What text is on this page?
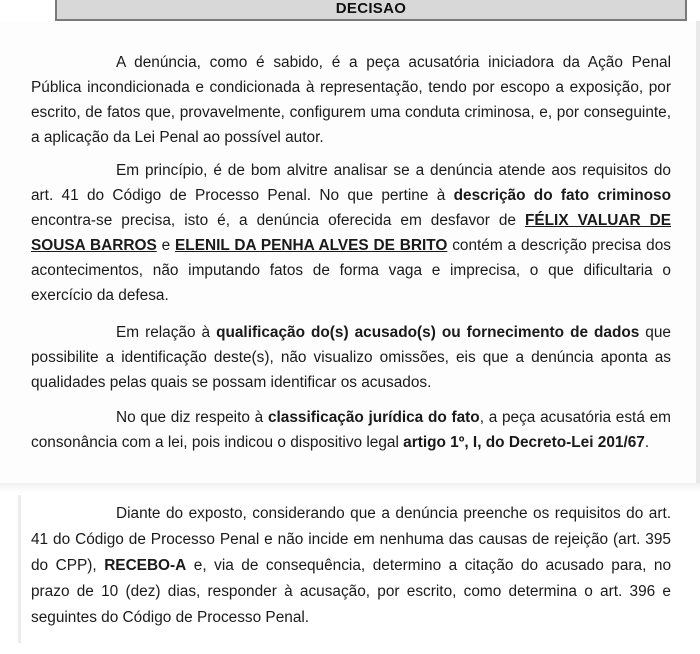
DECISAO

A denúncia, como é sabido, é a peça acusatória iniciadora da Ação Penal Pública incondicionada e condicionada à representação, tendo por escopo a exposição, por escrito, de fatos que, provavelmente, configurem uma conduta criminosa, e, por conseguinte, a aplicação da Lei Penal ao possível autor.

Em princípio, é de bom alvitre analisar se a denúncia atende aos requisitos do art. 41 do Código de Processo Penal. No que pertine à descrição do fato criminoso encontra-se precisa, isto é, a denúncia oferecida em desfavor de FÉLIX VALUAR DE SOUSA BARROS e ELENIL DA PENHA ALVES DE BRITO contém a descrição precisa dos acontecimentos, não imputando fatos de forma vaga e imprecisa, o que dificultaria o exercício da defesa.

Em relação à qualificação do(s) acusado(s) ou fornecimento de dados que possibilite a identificação deste(s), não visualizo omissões, eis que a denúncia aponta as qualidades pelas quais se possam identificar os acusados.

No que diz respeito à classificação jurídica do fato, a peça acusatória está em consonância com a lei, pois indicou o dispositivo legal artigo 1º, I, do Decreto-Lei 201/67.

Diante do exposto, considerando que a denúncia preenche os requisitos do art. 41 do Código de Processo Penal e não incide em nenhuma das causas de rejeição (art. 395 do CPP), RECEBO-A e, via de consequência, determino a citação do acusado para, no prazo de 10 (dez) dias, responder à acusação, por escrito, como determina o art. 396 e seguintes do Código de Processo Penal.
